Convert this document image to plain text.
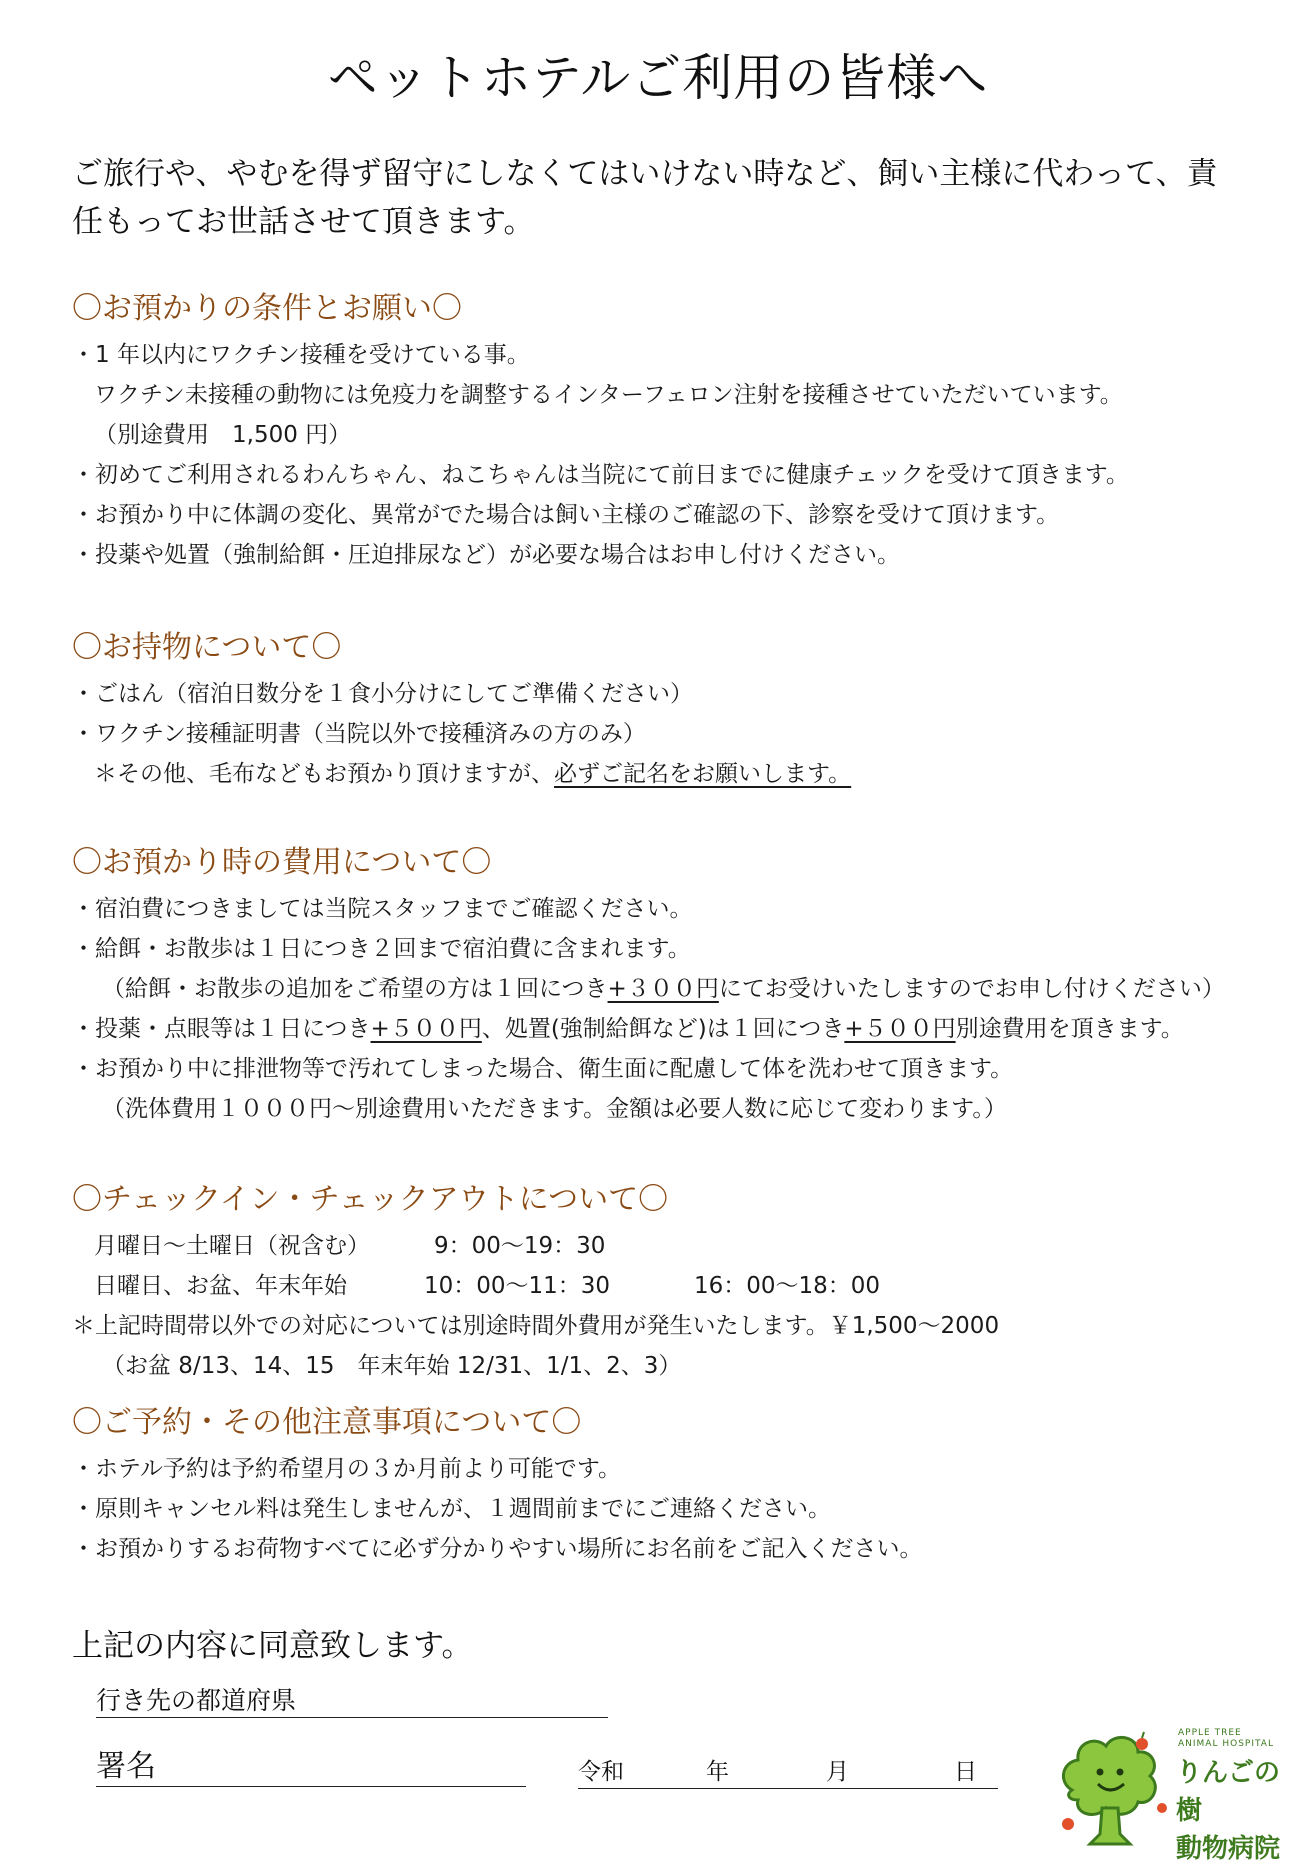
ペットホテルご利用の皆様へ
ご旅行や、やむを得ず留守にしなくてはいけない時など、飼い主様に代わって、責
任もってお世話させて頂きます。
〇お預かりの条件とお願い〇
・1 年以内にワクチン接種を受けている事。
ワクチン未接種の動物には免疫力を調整するインターフェロン注射を接種させていただいています。
（別途費用　1,500 円）
・初めてご利用されるわんちゃん、ねこちゃんは当院にて前日までに健康チェックを受けて頂きます。
・お預かり中に体調の変化、異常がでた場合は飼い主様のご確認の下、診察を受けて頂けます。
・投薬や処置（強制給餌・圧迫排尿など）が必要な場合はお申し付けください。
〇お持物について〇
・ごはん（宿泊日数分を１食小分けにしてご準備ください）
・ワクチン接種証明書（当院以外で接種済みの方のみ）
＊その他、毛布などもお預かり頂けますが、必ずご記名をお願いします。
〇お預かり時の費用について〇
・宿泊費につきましては当院スタッフまでご確認ください。
・給餌・お散歩は１日につき２回まで宿泊費に含まれます。
（給餌・お散歩の追加をご希望の方は１回につき+３００円にてお受けいたしますのでお申し付けください）
・投薬・点眼等は１日につき+５００円、処置(強制給餌など)は１回につき+５００円別途費用を頂きます。
・お預かり中に排泄物等で汚れてしまった場合、衛生面に配慮して体を洗わせて頂きます。
（洗体費用１０００円～別途費用いただきます。金額は必要人数に応じて変わります。）
〇チェックイン・チェックアウトについて〇
月曜日～土曜日（祝含む）	9：00～19：30
日曜日、お盆、年末年始	10：00～11：30	16：00～18：00
＊上記時間帯以外での対応については別途時間外費用が発生いたします。￥1,500～2000
（お盆 8/13、14、15　年末年始 12/31、1/1、2、3）
〇ご予約・その他注意事項について〇
・ホテル予約は予約希望月の３か月前より可能です。
・原則キャンセル料は発生しませんが、１週間前までにご連絡ください。
・お預かりするお荷物すべてに必ず分かりやすい場所にお名前をご記入ください。
上記の内容に同意致します。
行き先の都道府県
署名	令和	年	月	日
APPLE TREE
ANIMAL HOSPITAL
りんごの樹
動物病院
